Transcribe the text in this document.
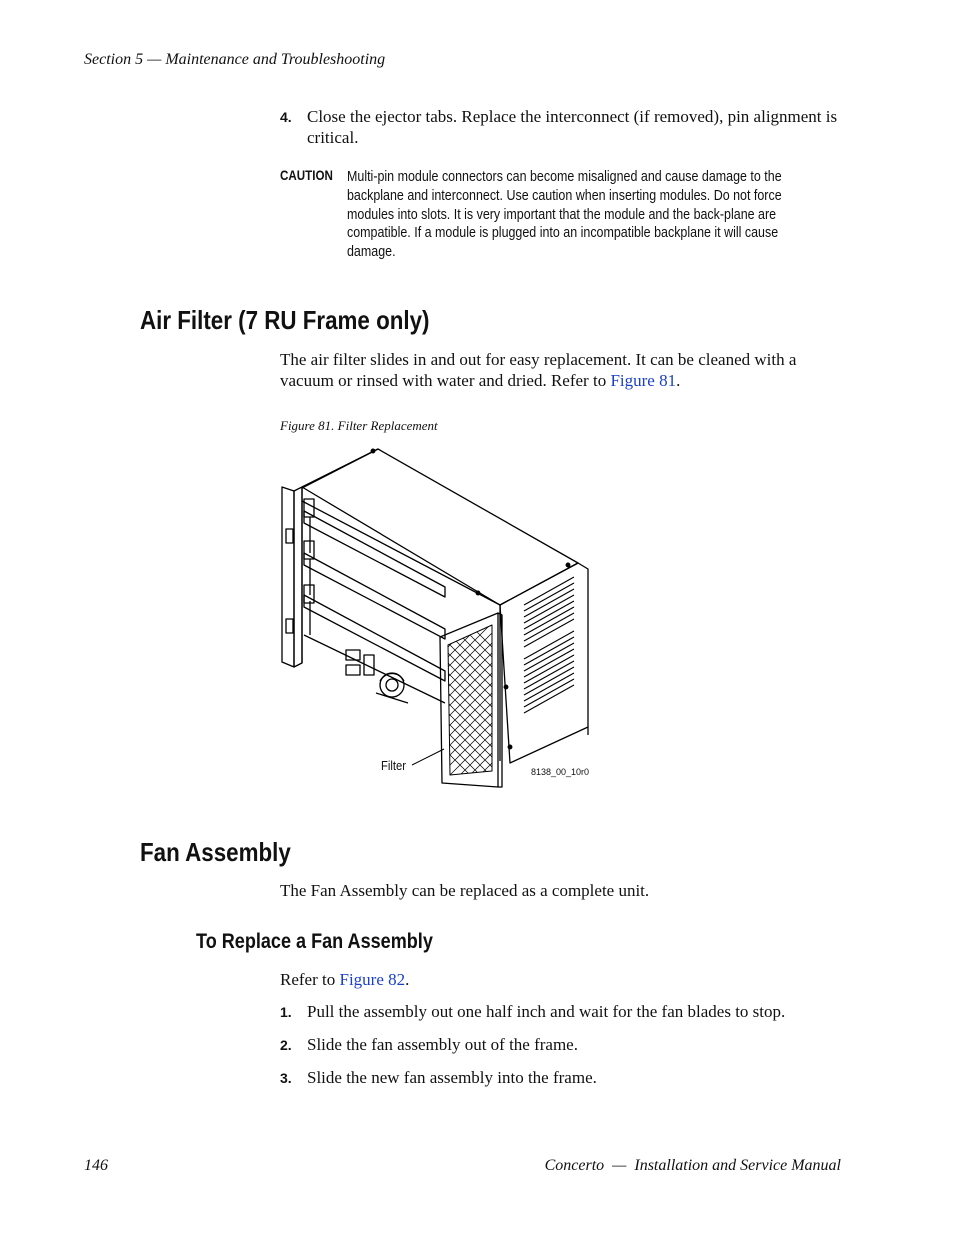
Section 5 — Maintenance and Troubleshooting
4. Close the ejector tabs. Replace the interconnect (if removed), pin alignment is critical.
CAUTION Multi-pin module connectors can become misaligned and cause damage to the backplane and interconnect. Use caution when inserting modules. Do not force modules into slots. It is very important that the module and the back-plane are compatible. If a module is plugged into an incompatible backplane it will cause damage.
Air Filter (7 RU Frame only)
The air filter slides in and out for easy replacement. It can be cleaned with a vacuum or rinsed with water and dried. Refer to Figure 81.
Figure 81. Filter Replacement
Filter	8138_00_10r0
Fan Assembly
The Fan Assembly can be replaced as a complete unit.
To Replace a Fan Assembly
Refer to Figure 82.
1. Pull the assembly out one half inch and wait for the fan blades to stop.
2. Slide the fan assembly out of the frame.
3. Slide the new fan assembly into the frame.
146	Concerto  —  Installation and Service Manual
